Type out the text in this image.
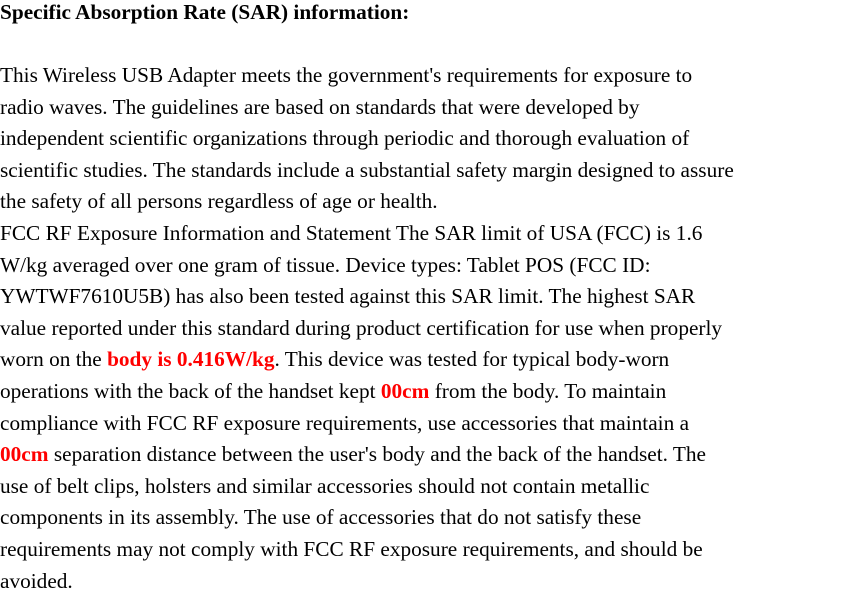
Specific Absorption Rate (SAR) information:
This Wireless USB Adapter meets the government's requirements for exposure to
radio waves. The guidelines are based on standards that were developed by
independent scientific organizations through periodic and thorough evaluation of
scientific studies. The standards include a substantial safety margin designed to assure
the safety of all persons regardless of age or health.
FCC RF Exposure Information and Statement The SAR limit of USA (FCC) is 1.6
W/kg averaged over one gram of tissue. Device types: Tablet POS (FCC ID:
YWTWF7610U5B) has also been tested against this SAR limit. The highest SAR
value reported under this standard during product certification for use when properly
worn on the body is 0.416W/kg. This device was tested for typical body-worn
operations with the back of the handset kept 00cm from the body. To maintain
compliance with FCC RF exposure requirements, use accessories that maintain a
00cm separation distance between the user's body and the back of the handset. The
use of belt clips, holsters and similar accessories should not contain metallic
components in its assembly. The use of accessories that do not satisfy these
requirements may not comply with FCC RF exposure requirements, and should be
avoided.
